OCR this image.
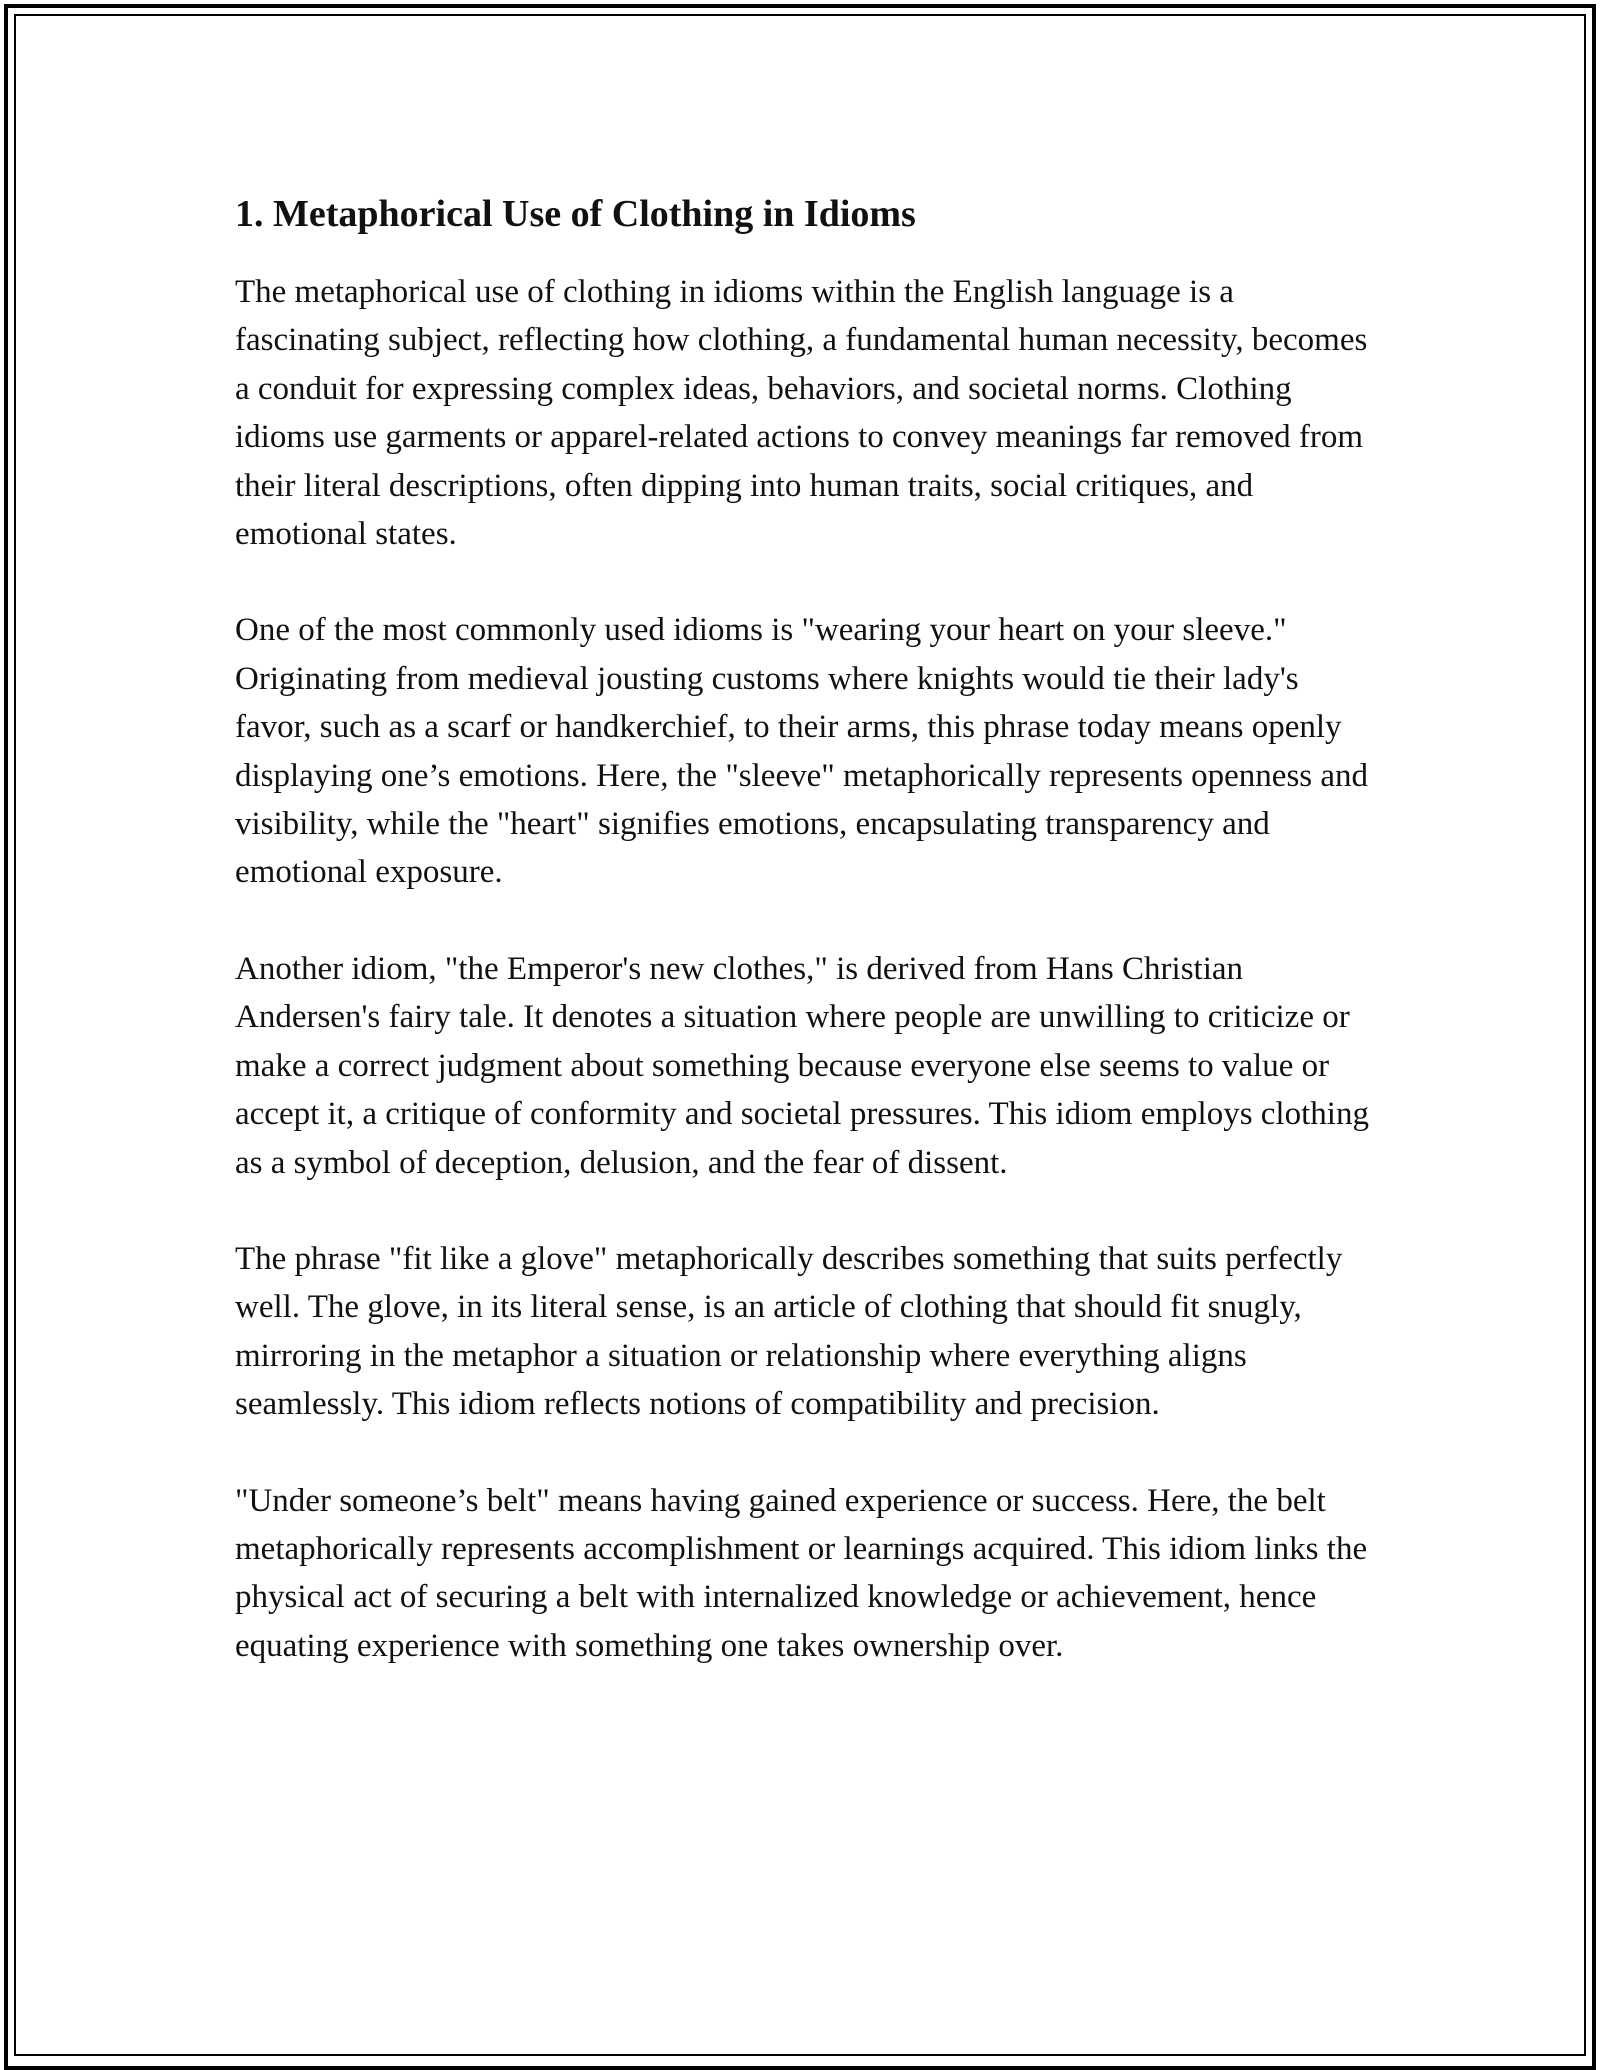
1. Metaphorical Use of Clothing in Idioms

The metaphorical use of clothing in idioms within the English language is a fascinating subject, reflecting how clothing, a fundamental human necessity, becomes a conduit for expressing complex ideas, behaviors, and societal norms. Clothing idioms use garments or apparel-related actions to convey meanings far removed from their literal descriptions, often dipping into human traits, social critiques, and emotional states.

One of the most commonly used idioms is "wearing your heart on your sleeve." Originating from medieval jousting customs where knights would tie their lady's favor, such as a scarf or handkerchief, to their arms, this phrase today means openly displaying one’s emotions. Here, the "sleeve" metaphorically represents openness and visibility, while the "heart" signifies emotions, encapsulating transparency and emotional exposure.

Another idiom, "the Emperor's new clothes," is derived from Hans Christian Andersen's fairy tale. It denotes a situation where people are unwilling to criticize or make a correct judgment about something because everyone else seems to value or accept it, a critique of conformity and societal pressures. This idiom employs clothing as a symbol of deception, delusion, and the fear of dissent.

The phrase "fit like a glove" metaphorically describes something that suits perfectly well. The glove, in its literal sense, is an article of clothing that should fit snugly, mirroring in the metaphor a situation or relationship where everything aligns seamlessly. This idiom reflects notions of compatibility and precision.

"Under someone’s belt" means having gained experience or success. Here, the belt metaphorically represents accomplishment or learnings acquired. This idiom links the physical act of securing a belt with internalized knowledge or achievement, hence equating experience with something one takes ownership over.
